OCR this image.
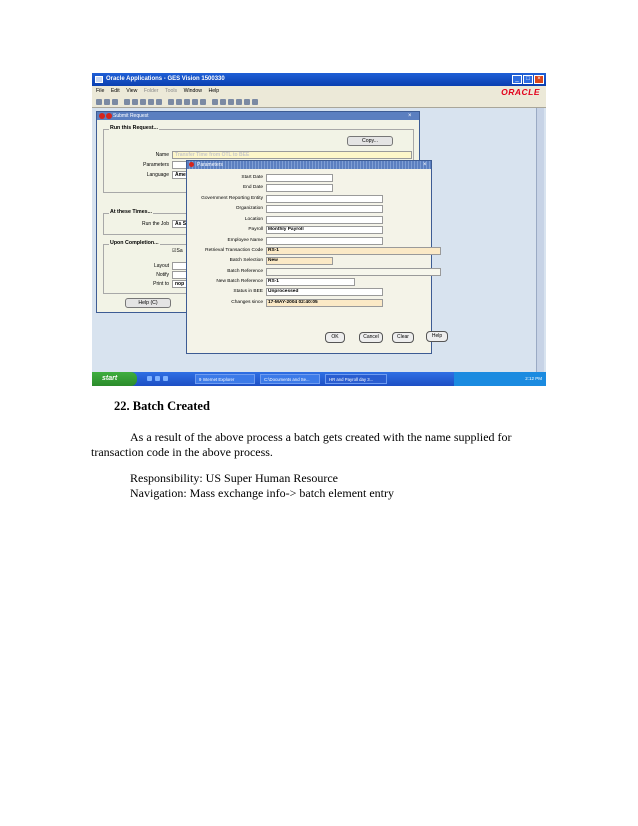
Oracle Applications - GES Vision 1500330	_	□	×
File Edit View Folder Tools Window Help	ORACLE
Submit Request	×
Run this Request...
Copy...
Name	Transfer Time from OTL to BEE
Parameters
Language	Ame
At these Times...
Run the Job	As S
Upon Completion...
☑Sa
Layout
Notify
Print to	nop
Help (C)
Parameters	×
Start Date
End Date
Government Reporting Entity
Organization
Location
Payroll	Monthly Payroll
Employee Name
Retrieval Transaction Code	RS-1
Batch Selection	New
Batch Reference
New Batch Reference	RS-1
Status in BEE	Unprocessed
Changes since	17-MAY-2004 02:40:05
OK	Cancel	Clear	Help
start	9 Internet Explorer	C:\Documents and Se...	HR and Payroll day 3...	2:12 PM
22. Batch Created
As a result of the above process a batch gets created with the name supplied for
transaction code in the above process.
Responsibility: US Super Human Resource
Navigation: Mass exchange info-> batch element entry
